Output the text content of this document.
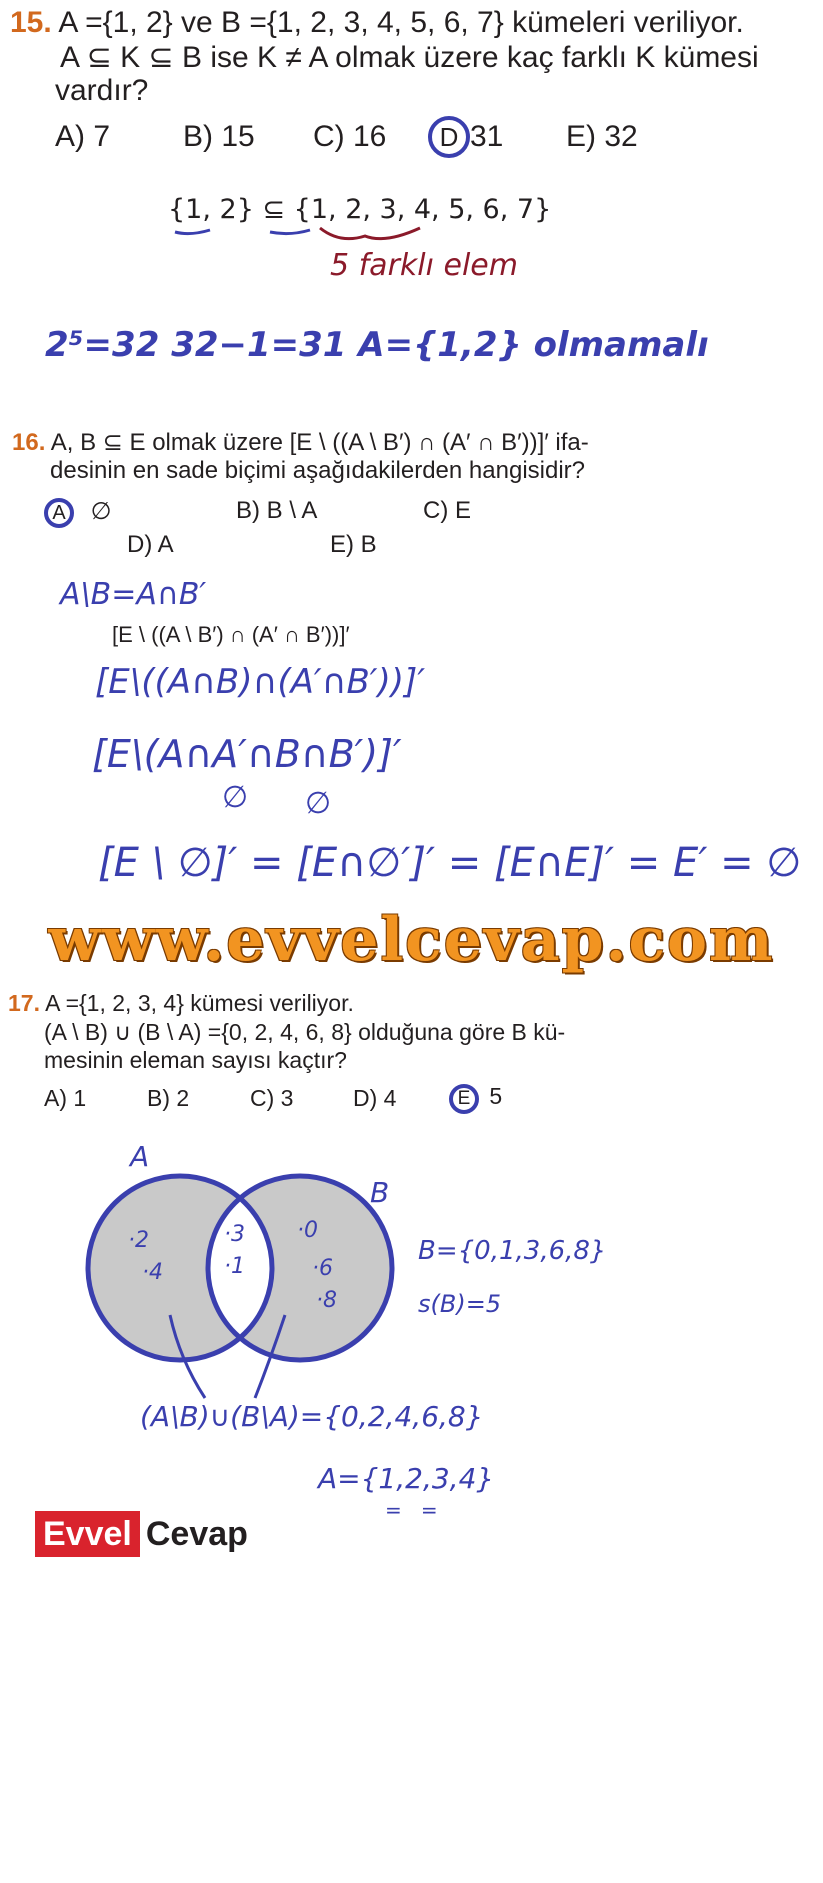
15. A ={1, 2} ve B ={1, 2, 3, 4, 5, 6, 7} kümeleri veriliyor.
A ⊆ K ⊆ B ise K ≠ A olmak üzere kaç farklı K kümesi
vardır?
A) 7 B) 15 C) 16	D 31 E) 32
{1, 2} ⊆ {1, 2, 3, 4, 5, 6, 7}
5 farklı elem
2⁵=32 32−1=31 A={1,2} olmamalı
16. A, B ⊆ E olmak üzere [E \ ((A \ B′) ∩ (A′ ∩ B′))]′ ifa-
desinin en sade biçimi aşağıdakilerden hangisidir?
A ∅	B) B \ A	C) E
D) A	E) B
A\B=A∩B′
[E \ ((A \ B′) ∩ (A′ ∩ B′))]′
[E\((A∩B)∩(A′∩B′))]′
[E\(A∩A′∩B∩B′)]′
∅ ∅
[E \ ∅]′ = [E∩∅′]′ = [E∩E]′ = E′ = ∅
www.evvelcevap.com
17. A ={1, 2, 3, 4} kümesi veriliyor.
(A \ B) ∪ (B \ A) ={0, 2, 4, 6, 8} olduğuna göre B kü-
mesinin eleman sayısı kaçtır?
A) 1	B) 2	C) 3	D) 4	E 5
A
B
·2
·4
·3
·1
·0
·6
·8
B={0,1,3,6,8}
s(B)=5
(A\B)∪(B\A)={0,2,4,6,8}
A={1,2,3,4}
=   =
Evvel Cevap
